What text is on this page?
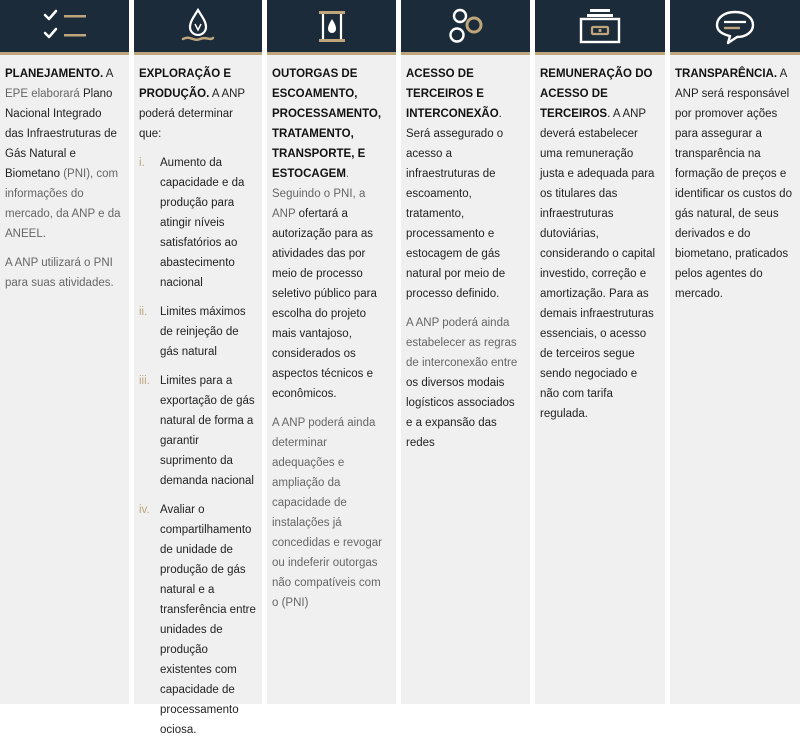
PLANEJAMENTO. A EPE elaborará Plano Nacional Integrado das Infraestruturas de Gás Natural e Biometano (PNI), com informações do mercado, da ANP e da ANEEL.

A ANP utilizará o PNI para suas atividades.

EXPLORAÇÃO E PRODUÇÃO. A ANP poderá determinar que:

i. Aumento da capacidade e da produção para atingir níveis satisfatórios ao abastecimento nacional
ii. Limites máximos de reinjeção de gás natural
iii. Limites para a exportação de gás natural de forma a garantir suprimento da demanda nacional
iv. Avaliar o compartilhamento de unidade de produção de gás natural e a transferência entre unidades de produção existentes com capacidade de processamento ociosa.

OUTORGAS DE ESCOAMENTO, PROCESSAMENTO, TRATAMENTO, TRANSPORTE, E ESTOCAGEM. Seguindo o PNI, a ANP ofertará a autorização para as atividades das por meio de processo seletivo público para escolha do projeto mais vantajoso, considerados os aspectos técnicos e econômicos.

A ANP poderá ainda determinar adequações e ampliação da capacidade de instalações já concedidas e revogar ou indeferir outorgas não compatíveis com o (PNI)

ACESSO DE TERCEIROS E INTERCONEXÃO. Será assegurado o acesso a infraestruturas de escoamento, tratamento, processamento e estocagem de gás natural por meio de processo definido.

A ANP poderá ainda estabelecer as regras de interconexão entre os diversos modais logísticos associados e a expansão das redes

REMUNERAÇÃO DO ACESSO DE TERCEIROS. A ANP deverá estabelecer uma remuneração justa e adequada para os titulares das infraestruturas dutoviárias, considerando o capital investido, correção e amortização. Para as demais infraestruturas essenciais, o acesso de terceiros segue sendo negociado e não com tarifa regulada.

TRANSPARÊNCIA. A ANP será responsável por promover ações para assegurar a transparência na formação de preços e identificar os custos do gás natural, de seus derivados e do biometano, praticados pelos agentes do mercado.
